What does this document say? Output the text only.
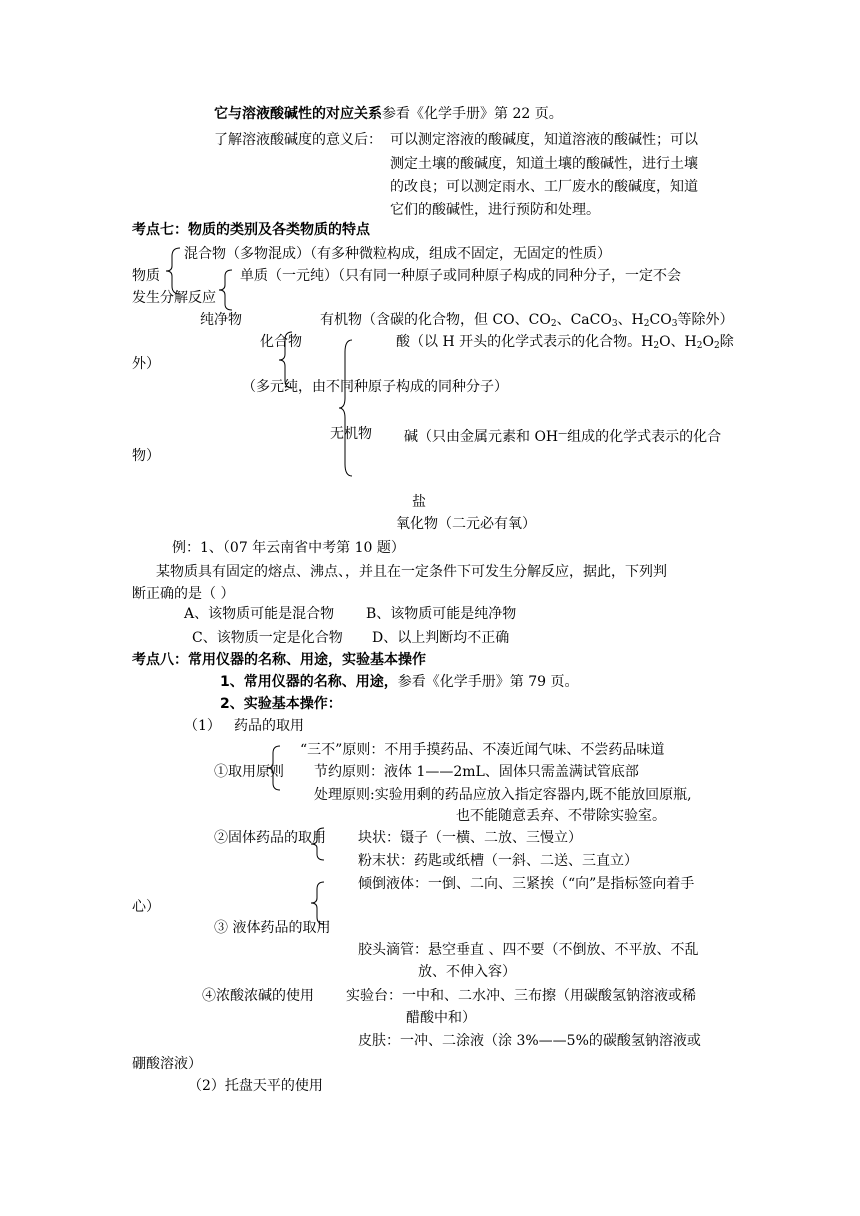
它与溶液酸碱性的对应关系参看《化学手册》第 22 页。
了解溶液酸碱度的意义后： 可以测定溶液的酸碱度，知道溶液的酸碱性；可以
测定土壤的酸碱度，知道土壤的酸碱性，进行土壤
的改良；可以测定雨水、工厂废水的酸碱度，知道
它们的酸碱性，进行预防和处理。
考点七：物质的类别及各类物质的特点
混合物（多物混成）（有多种微粒构成，组成不固定，无固定的性质）
物质	单质（一元纯）（只有同一种原子或同种原子构成的同种分子，一定不会
发生分解反应
纯净物	有机物（含碳的化合物，但 CO、$CO_2$、CaCO$_3$、$H_2CO_3$等除外）
化合物	酸（以 H 开头的化学式表示的化合物。$H_2O$、$H_2O_2$除
外）
（多元纯，由不同种原子构成的同种分子）
无机物 碱（只由金属元素和 OH—组成的化学式表示的化合
物）
盐
氧化物（二元必有氧）
例：1、（07 年云南省中考第 10 题）
某物质具有固定的熔点、沸点、，并且在一定条件下可发生分解反应，据此，下列判
断正确的是（ ）
A、该物质可能是混合物 B、该物质可能是纯净物
C、该物质一定是化合物 D、以上判断均不正确
考点八：常用仪器的名称、用途，实验基本操作
1、常用仪器的名称、用途，参看《化学手册》第 79 页。
2、实验基本操作：
（1） 药品的取用
“三不”原则：不用手摸药品、不凑近闻气味、不尝药品味道
①取用原则 节约原则：液体 1——2mL、固体只需盖满试管底部
处理原则:实验用剩的药品应放入指定容器内,既不能放回原瓶,
也不能随意丢弃、不带除实验室。
②固体药品的取用 块状：镊子（一横、二放、三慢立）
粉末状：药匙或纸槽（一斜、二送、三直立）
倾倒液体：一倒、二向、三紧挨（“向”是指标签向着手
心）
③ 液体药品的取用
胶头滴管：悬空垂直 、四不要（不倒放、不平放、不乱
放、不伸入容）
④浓酸浓碱的使用 实验台：一中和、二水冲、三布擦（用碳酸氢钠溶液或稀
醋酸中和）
皮肤：一冲、二涂液（涂 3%——5%的碳酸氢钠溶液或
硼酸溶液）
（2）托盘天平的使用
